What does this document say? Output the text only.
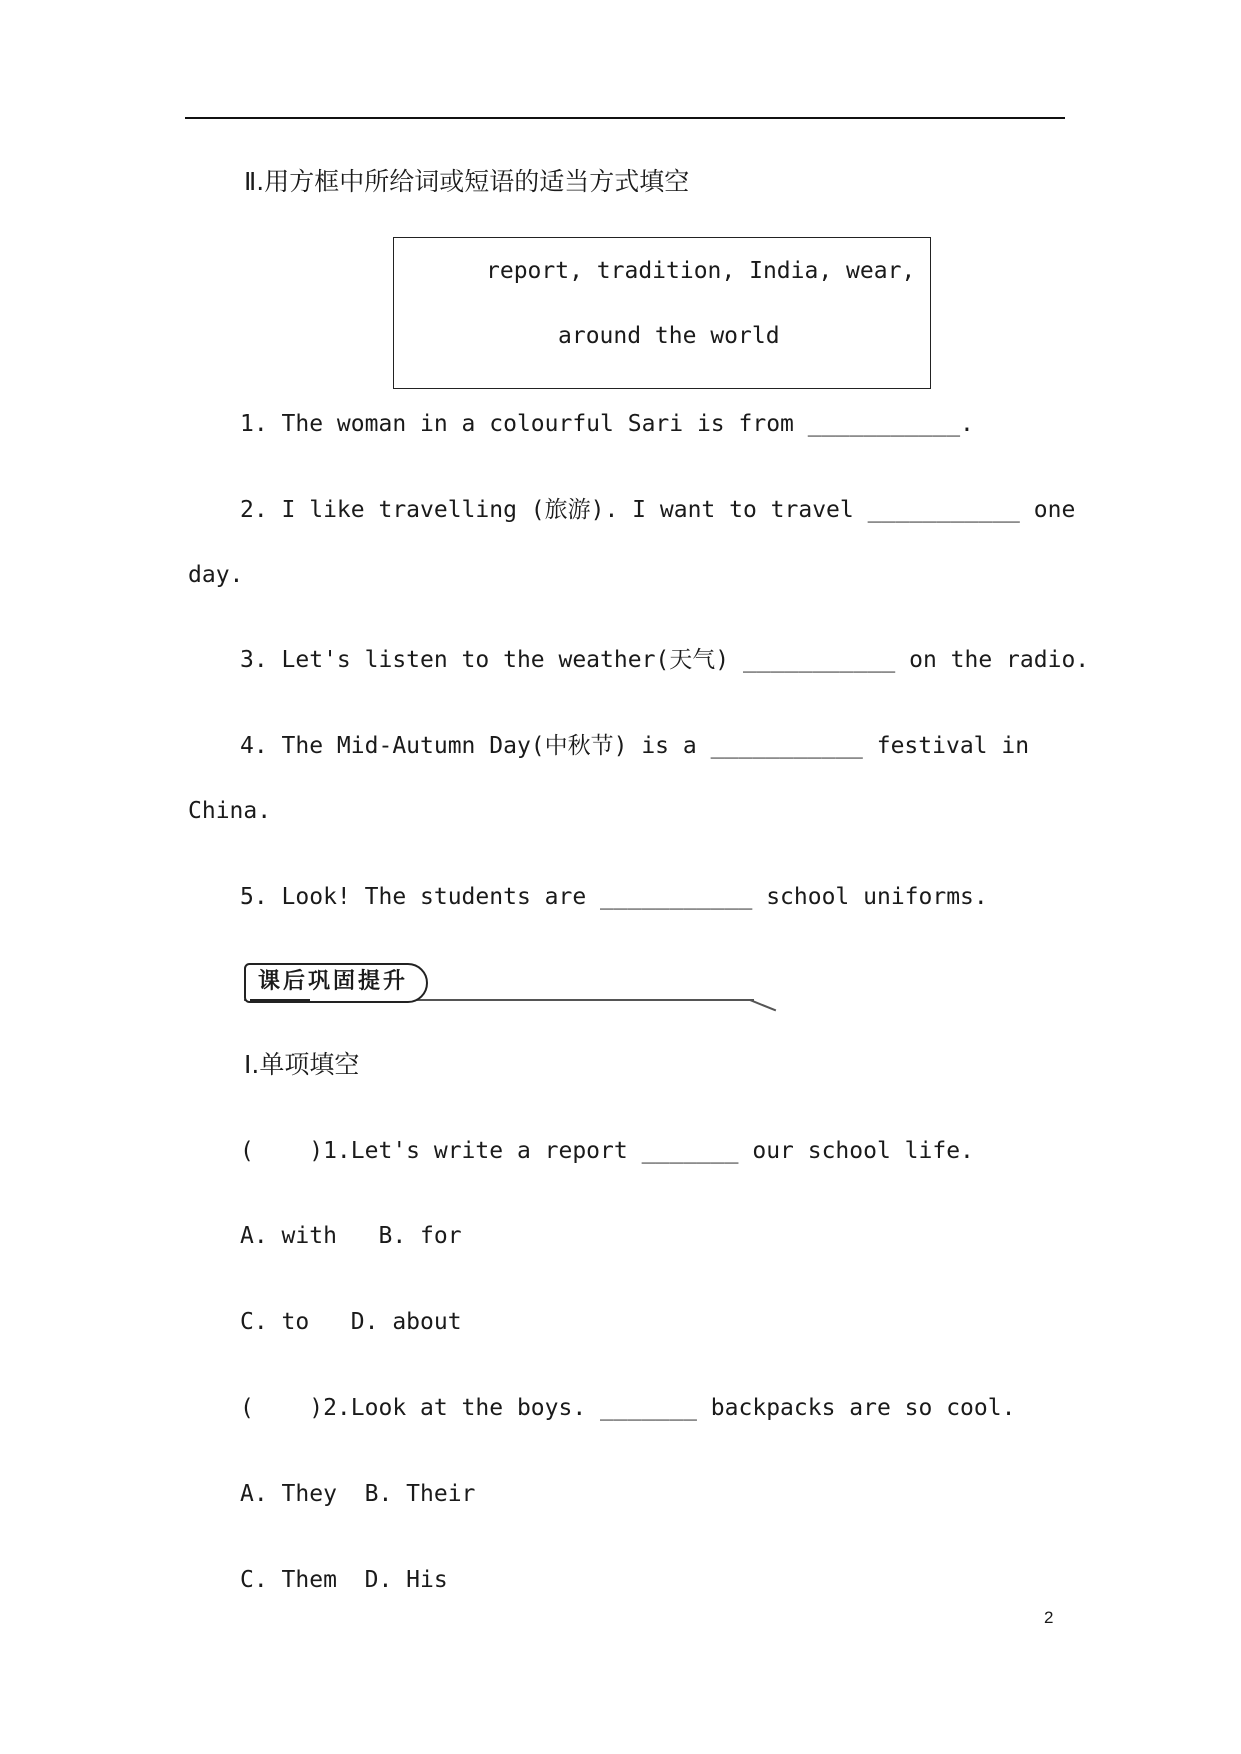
Ⅱ.用方框中所给词或短语的适当方式填空
report, tradition, India, wear,
around the world
1. The woman in a colourful Sari is from ___________.
2. I like travelling (旅游). I want to travel ___________ one
day.
3. Let's listen to the weather(天气) ___________ on the radio.
4. The Mid-Autumn Day(中秋节) is a ___________ festival in
China.
5. Look! The students are ___________ school uniforms.
课后巩固提升
Ⅰ.单项填空
(    )1.Let's write a report _______ our school life.
A. with   B. for
C. to   D. about
(    )2.Look at the boys. _______ backpacks are so cool.
A. They  B. Their
C. Them  D. His
2
